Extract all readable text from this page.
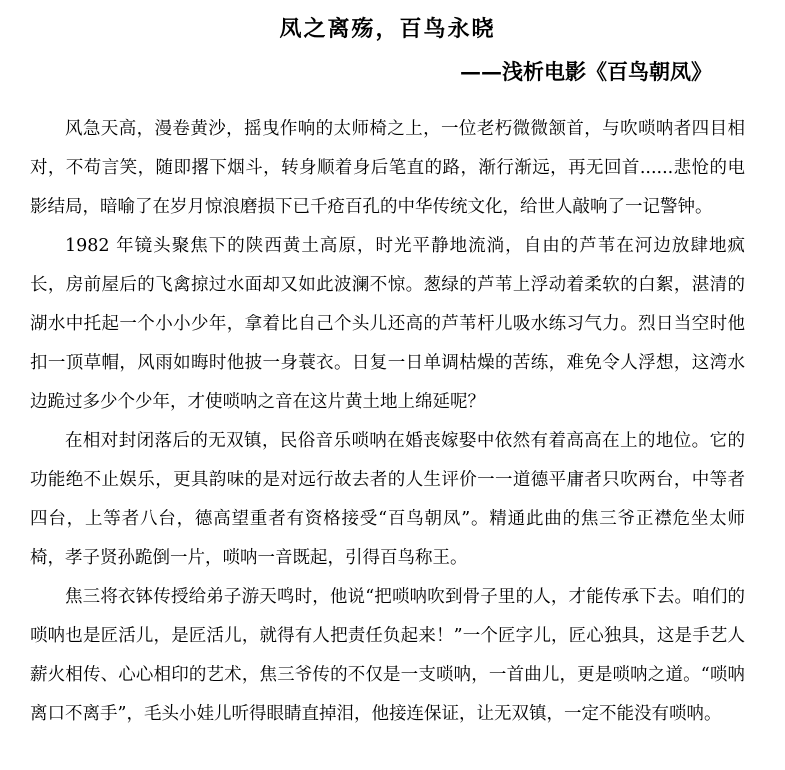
凤之离殇，百鸟永晓
——浅析电影《百鸟朝凤》

风急天高，漫卷黄沙，摇曳作响的太师椅之上，一位老朽微微颔首，与吹唢呐者四目相对，不苟言笑，随即撂下烟斗，转身顺着身后笔直的路，渐行渐远，再无回首......悲怆的电影结局，暗喻了在岁月惊浪磨损下已千疮百孔的中华传统文化，给世人敲响了一记警钟。

1982 年镜头聚焦下的陕西黄土高原，时光平静地流淌，自由的芦苇在河边放肆地疯长，房前屋后的飞禽掠过水面却又如此波澜不惊。葱绿的芦苇上浮动着柔软的白絮，湛清的湖水中托起一个小小少年，拿着比自己个头儿还高的芦苇杆儿吸水练习气力。烈日当空时他扣一顶草帽，风雨如晦时他披一身蓑衣。日复一日单调枯燥的苦练，难免令人浮想，这湾水边跪过多少个少年，才使唢呐之音在这片黄土地上绵延呢？

在相对封闭落后的无双镇，民俗音乐唢呐在婚丧嫁娶中依然有着高高在上的地位。它的功能绝不止娱乐，更具韵味的是对远行故去者的人生评价一一道德平庸者只吹两台，中等者四台，上等者八台，德高望重者有资格接受“百鸟朝凤”。精通此曲的焦三爷正襟危坐太师椅，孝子贤孙跪倒一片，唢呐一音既起，引得百鸟称王。

焦三将衣钵传授给弟子游天鸣时，他说“把唢呐吹到骨子里的人，才能传承下去。咱们的唢呐也是匠活儿，是匠活儿，就得有人把责任负起来！”一个匠字儿，匠心独具，这是手艺人薪火相传、心心相印的艺术，焦三爷传的不仅是一支唢呐，一首曲儿，更是唢呐之道。“唢呐离口不离手”，毛头小娃儿听得眼睛直掉泪，他接连保证，让无双镇，一定不能没有唢呐。
